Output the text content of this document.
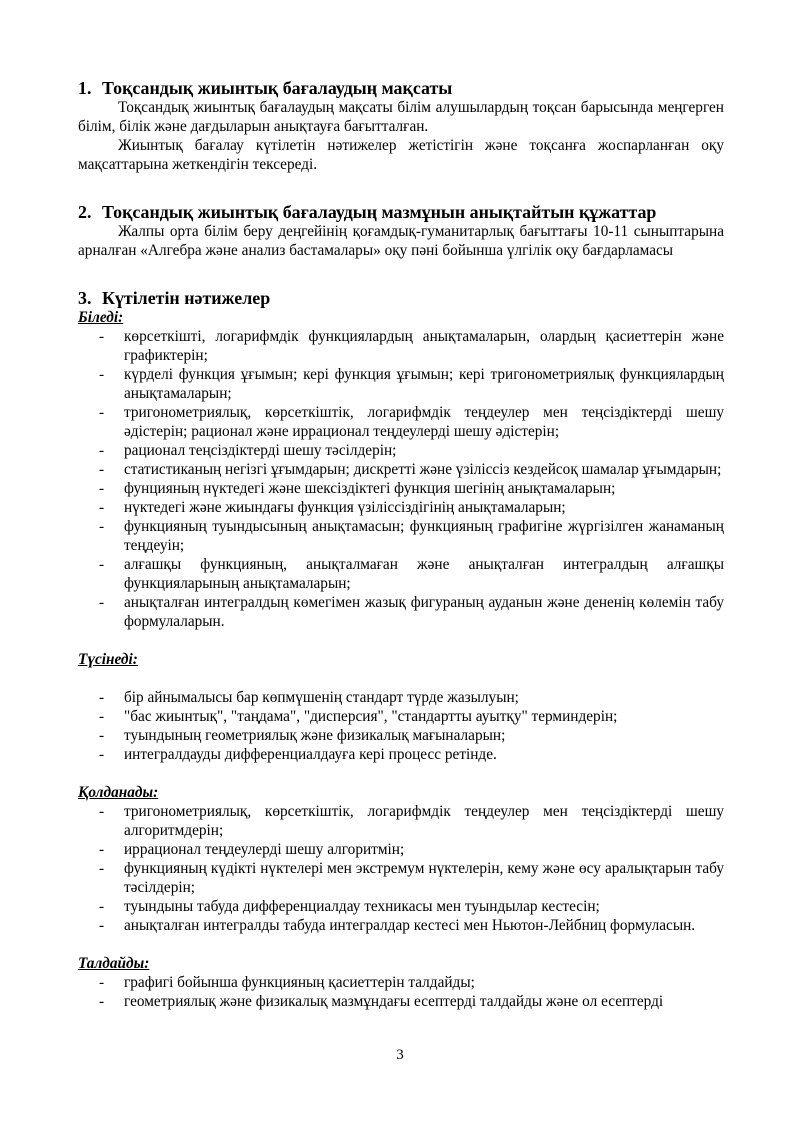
1. Тоқсандық жиынтық бағалаудың мақсаты

Тоқсандық жиынтық бағалаудың мақсаты білім алушылардың тоқсан барысында меңгерген білім, білік және дағдыларын анықтауға бағытталған.

Жиынтық бағалау күтілетін нәтижелер жетістігін және тоқсанға жоспарланған оқу мақсаттарына жеткендігін тексереді.

2. Тоқсандық жиынтық бағалаудың мазмұнын анықтайтын құжаттар

Жалпы орта білім беру деңгейінің қоғамдық-гуманитарлық бағыттағы 10-11 сыныптарына арналған «Алгебра және анализ бастамалары» оқу пәні бойынша үлгілік оқу бағдарламасы

3. Күтілетін нәтижелер
Біледі:
- көрсеткішті, логарифмдік функциялардың анықтамаларын, олардың қасиеттерін және графиктерін;
- күрделі функция ұғымын; кері функция ұғымын; кері тригонометриялық функциялардың анықтамаларын;
- тригонометриялық, көрсеткіштік, логарифмдік теңдеулер мен теңсіздіктерді шешу әдістерін; рационал және иррационал теңдеулерді шешу әдістерін;
- рационал теңсіздіктерді шешу тәсілдерін;
- статистиканың негізгі ұғымдарын; дискретті және үзіліссіз кездейсоқ шамалар ұғымдарын;
- фунцияның нүктедегі және шексіздіктегі функция шегінің анықтамаларын;
- нүктедегі және жиындағы функция үзіліссіздігінің анықтамаларын;
- функцияның туындысының анықтамасын; функцияның графигіне жүргізілген жанаманың теңдеуін;
- алғашқы функцияның, анықталмаған және анықталған интегралдың алғашқы функцияларының анықтамаларын;
- анықталған интегралдың көмегімен жазық фигураның ауданын және дененің көлемін табу формулаларын.
Түсінеді:
- бір айнымалысы бар көпмүшенің стандарт түрде жазылуын;
- "бас жиынтық", "таңдама", "дисперсия", "стандартты ауытқу" терминдерін;
- туындының геометриялық және физикалық мағыналарын;
- интегралдауды дифференциалдауға кері процесс ретінде.
Қолданады:
- тригонометриялық, көрсеткіштік, логарифмдік теңдеулер мен теңсіздіктерді шешу алгоритмдерін;
- иррационал теңдеулерді шешу алгоритмін;
- функцияның күдікті нүктелері мен экстремум нүктелерін, кему және өсу аралықтарын табу тәсілдерін;
- туындыны табуда дифференциалдау техникасы мен туындылар кестесін;
- анықталған интегралды табуда интегралдар кестесі мен Ньютон-Лейбниц формуласын.
Талдайды:
- графигі бойынша функцияның қасиеттерін талдайды;
- геометриялық және физикалық мазмұндағы есептерді талдайды және ол есептерді
3
